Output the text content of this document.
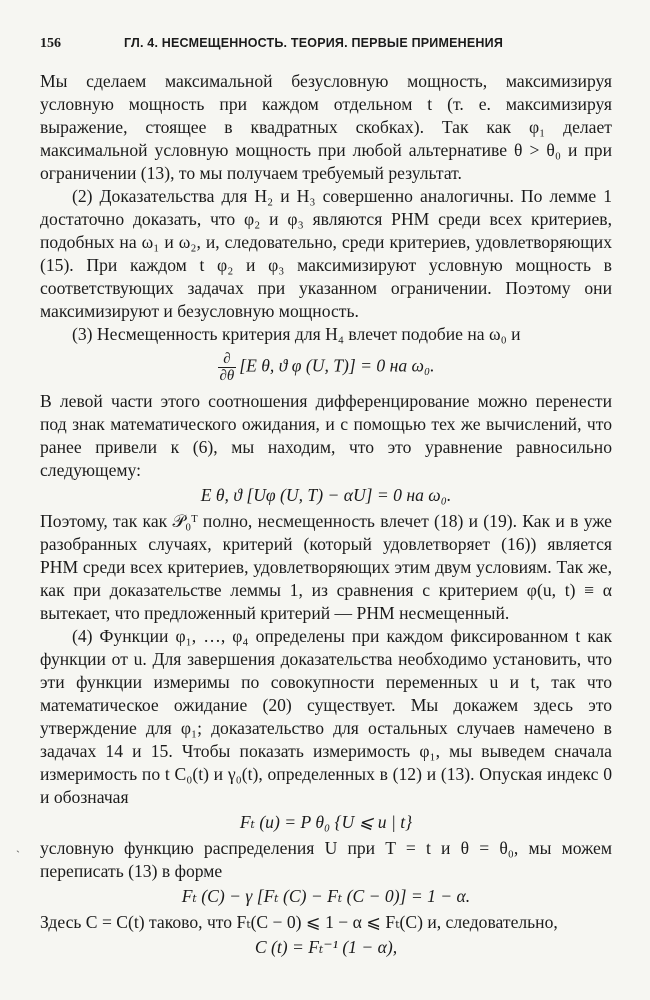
156	ГЛ. 4. НЕСМЕЩЕННОСТЬ. ТЕОРИЯ. ПЕРВЫЕ ПРИМЕНЕНИЯ

Мы сделаем максимальной безусловную мощность, максимизируя условную мощность при каждом отдельном t (т. е. максимизируя выражение, стоящее в квадратных скобках). Так как φ₁ делает максимальной условную мощность при любой альтернативе θ > θ₀ и при ограничении (13), то мы получаем требуемый результат.

(2) Доказательства для H₂ и H₃ совершенно аналогичны. По лемме 1 достаточно доказать, что φ₂ и φ₃ являются РНМ среди всех критериев, подобных на ω₁ и ω₂, и, следовательно, среди критериев, удовлетворяющих (15). При каждом t φ₂ и φ₃ максимизируют условную мощность в соответствующих задачах при указанном ограничении. Поэтому они максимизируют и безусловную мощность.

(3) Несмещенность критерия для H₄ влечет подобие на ω₀ и

$\frac{\partial}{\partial\theta} [E$ θ, ϑ φ (U, T)] = 0 на ω₀.

В левой части этого соотношения дифференцирование можно перенести под знак математического ожидания, и с помощью тех же вычислений, что ранее привели к (6), мы находим, что это уравнение равносильно следующему:

E θ, ϑ [Uφ (U, T) − αU] = 0 на ω₀.

Поэтому, так как 𝒫₀ᵀ полно, несмещенность влечет (18) и (19). Как и в уже разобранных случаях, критерий (который удовлетворяет (16)) является РНМ среди всех критериев, удовлетворяющих этим двум условиям. Так же, как при доказательстве леммы 1, из сравнения с критерием φ(u, t) ≡ α вытекает, что предложенный критерий — РНМ несмещенный.

(4) Функции φ₁, …, φ₄ определены при каждом фиксированном t как функции от u. Для завершения доказательства необходимо установить, что эти функции измеримы по совокупности переменных u и t, так что математическое ожидание (20) существует. Мы докажем здесь это утверждение для φ₁; доказательство для остальных случаев намечено в задачах 14 и 15. Чтобы показать измеримость φ₁, мы выведем сначала измеримость по t C₀(t) и γ₀(t), определенных в (12) и (13). Опуская индекс 0 и обозначая

Fₜ (u) = P θ₀ {U ⩽ u | t}

условную функцию распределения U при T = t и θ = θ₀, мы можем переписать (13) в форме

Fₜ (C) − γ [Fₜ (C) − Fₜ (C − 0)] = 1 − α.

Здесь C = C(t) таково, что Fₜ(C − 0) ⩽ 1 − α ⩽ Fₜ(C) и, следовательно,

C (t) = Fₜ⁻¹ (1 − α),
`
